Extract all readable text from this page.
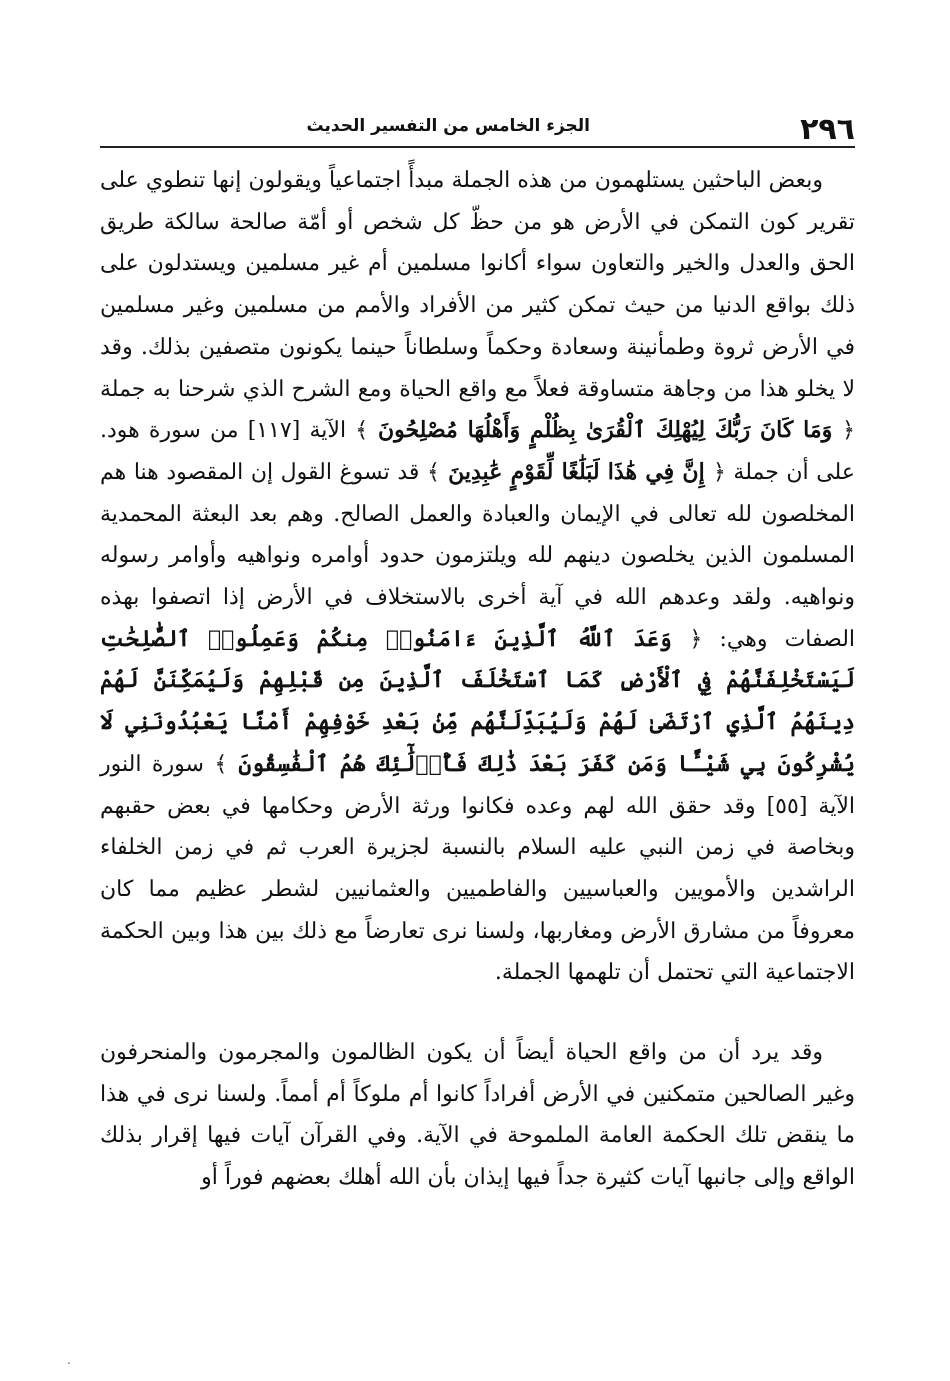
٢٩٦
الجزء الخامس من التفسير الحديث

وبعض الباحثين يستلهمون من هذه الجملة مبدأً اجتماعياً ويقولون إنها تنطوي على تقرير كون التمكن في الأرض هو من حظّ كل شخص أو أمّة صالحة سالكة طريق الحق والعدل والخير والتعاون سواء أكانوا مسلمين أم غير مسلمين ويستدلون على ذلك بواقع الدنيا من حيث تمكن كثير من الأفراد والأمم من مسلمين وغير مسلمين في الأرض ثروة وطمأنينة وسعادة وحكماً وسلطاناً حينما يكونون متصفين بذلك. وقد لا يخلو هذا من وجاهة متساوقة فعلاً مع واقع الحياة ومع الشرح الذي شرحنا به جملة ﴿ وَمَا كَانَ رَبُّكَ لِيُهْلِكَ ٱلْقُرَىٰ بِظُلْمٍ وَأَهْلُهَا مُصْلِحُونَ ﴾ الآية [١١٧] من سورة هود. على أن جملة ﴿ إِنَّ فِي هَٰذَا لَبَلَٰغًا لِّقَوْمٍ عَٰبِدِينَ ﴾ قد تسوغ القول إن المقصود هنا هم المخلصون لله تعالى في الإيمان والعبادة والعمل الصالح. وهم بعد البعثة المحمدية المسلمون الذين يخلصون دينهم لله ويلتزمون حدود أوامره ونواهيه وأوامر رسوله ونواهيه. ولقد وعدهم الله في آية أخرى بالاستخلاف في الأرض إذا اتصفوا بهذه الصفات وهي: ﴿ وَعَدَ ٱللَّهُ ٱلَّذِينَ ءَامَنُوا۟ مِنكُمْ وَعَمِلُوا۟ ٱلصَّٰلِحَٰتِ لَيَسْتَخْلِفَنَّهُمْ فِي ٱلْأَرْضِ كَمَا ٱسْتَخْلَفَ ٱلَّذِينَ مِن قَبْلِهِمْ وَلَيُمَكِّنَنَّ لَهُمْ دِينَهُمُ ٱلَّذِي ٱرْتَضَىٰ لَهُمْ وَلَيُبَدِّلَنَّهُم مِّنۢ بَعْدِ خَوْفِهِمْ أَمْنًا يَعْبُدُونَنِي لَا يُشْرِكُونَ بِي شَيْـًٔا وَمَن كَفَرَ بَعْدَ ذَٰلِكَ فَأُو۟لَٰٓئِكَ هُمُ ٱلْفَٰسِقُونَ ﴾ سورة النور الآية [٥٥] وقد حقق الله لهم وعده فكانوا ورثة الأرض وحكامها في بعض حقبهم وبخاصة في زمن النبي عليه السلام بالنسبة لجزيرة العرب ثم في زمن الخلفاء الراشدين والأمويين والعباسيين والفاطميين والعثمانيين لشطر عظيم مما كان معروفاً من مشارق الأرض ومغاربها، ولسنا نرى تعارضاً مع ذلك بين هذا وبين الحكمة الاجتماعية التي تحتمل أن تلهمها الجملة.

وقد يرد أن من واقع الحياة أيضاً أن يكون الظالمون والمجرمون والمنحرفون وغير الصالحين متمكنين في الأرض أفراداً كانوا أم ملوكاً أم أمماً. ولسنا نرى في هذا ما ينقض تلك الحكمة العامة الملموحة في الآية. وفي القرآن آيات فيها إقرار بذلك الواقع وإلى جانبها آيات كثيرة جداً فيها إيذان بأن الله أهلك بعضهم فوراً أو
